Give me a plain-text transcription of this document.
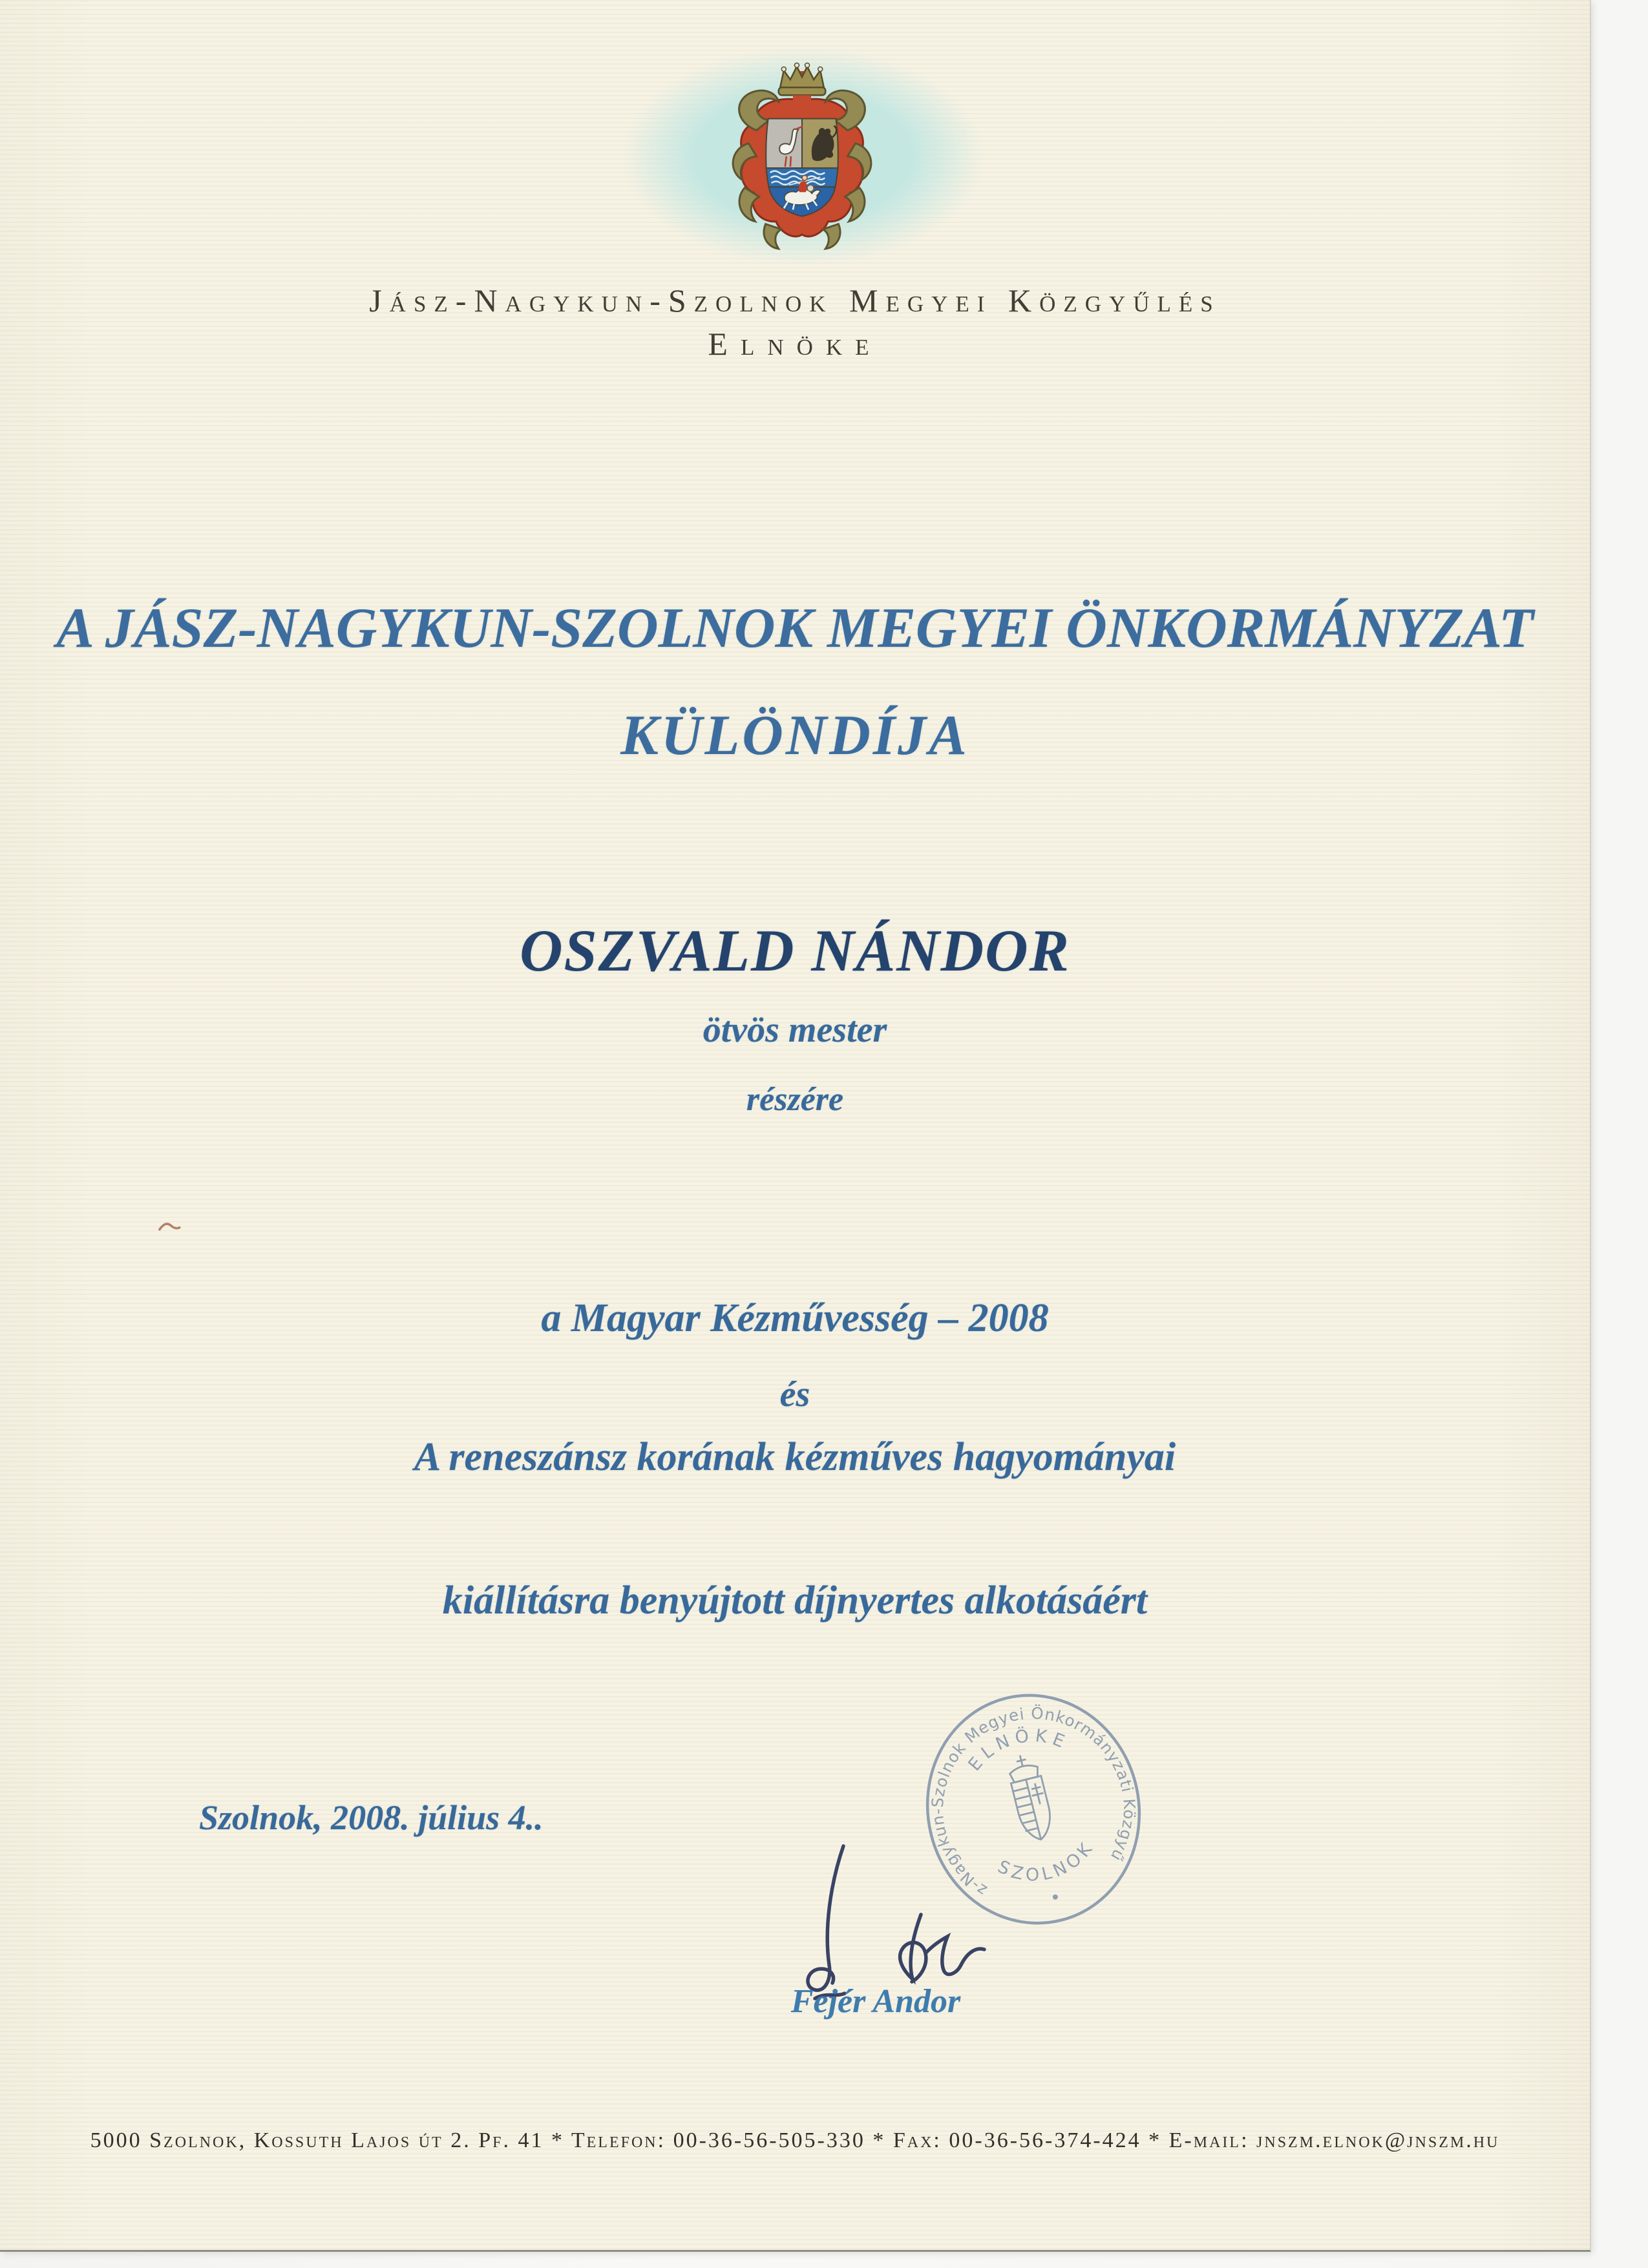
Jász-Nagykun-Szolnok Megyei Közgyűlés
Elnöke
A JÁSZ-NAGYKUN-SZOLNOK MEGYEI ÖNKORMÁNYZAT
KÜLÖNDÍJA
OSZVALD NÁNDOR
ötvös mester
részére
a Magyar Kézművesség – 2008
és
A reneszánsz korának kézműves hagyományai
kiállításra benyújtott díjnyertes alkotásáért
Szolnok, 2008. július 4..	Jász-Nagykun-Szolnok Megyei Önkormányzati Közgyűlés
ELNÖKE
SZOLNOK
Fejér Andor
5000 Szolnok, Kossuth Lajos út 2. Pf. 41 * Telefon: 00-36-56-505-330 * Fax: 00-36-56-374-424 * E-mail: jnszm.elnok@jnszm.hu
